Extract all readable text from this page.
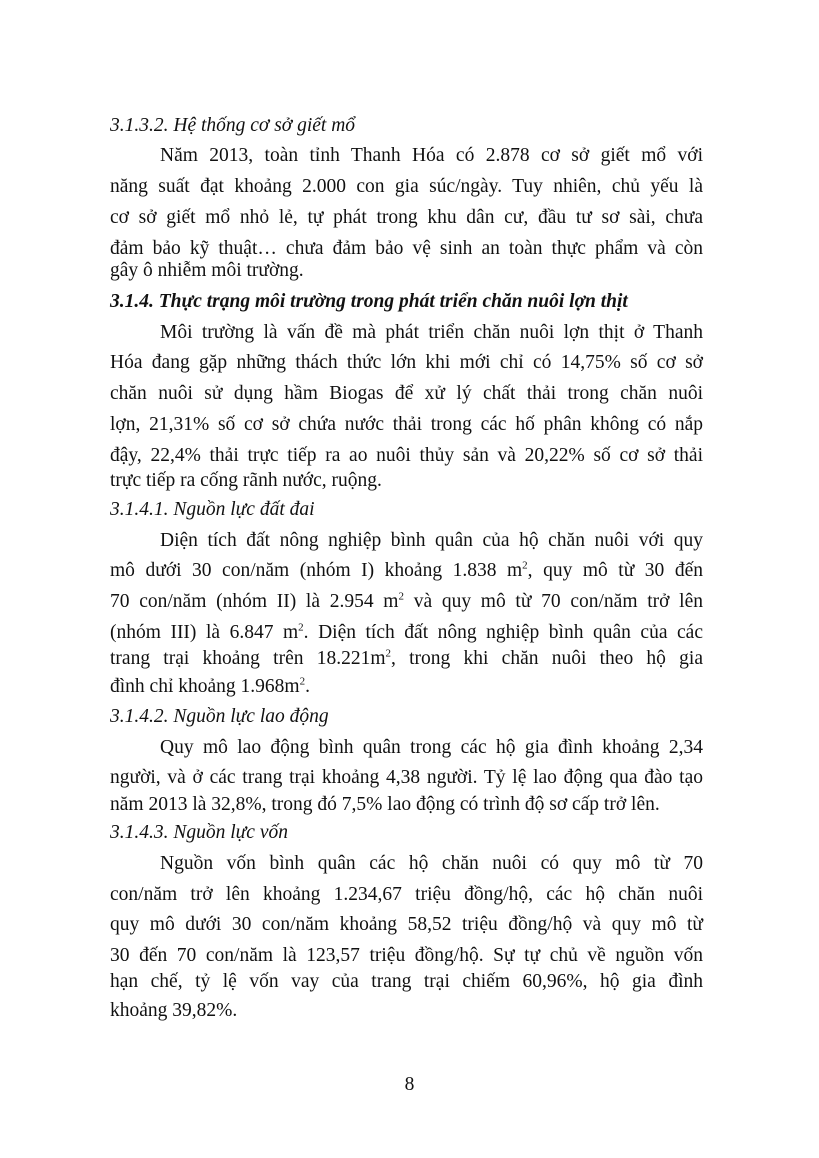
3.1.3.2. Hệ thống cơ sở giết mổ
Năm 2013, toàn tỉnh Thanh Hóa có 2.878 cơ sở giết mổ với
năng suất đạt khoảng 2.000 con gia súc/ngày. Tuy nhiên, chủ yếu là
cơ sở giết mổ nhỏ lẻ, tự phát trong khu dân cư, đầu tư sơ sài, chưa
đảm bảo kỹ thuật… chưa đảm bảo vệ sinh an toàn thực phẩm và còn
gây ô nhiễm môi trường.
3.1.4. Thực trạng môi trường trong phát triển chăn nuôi lợn thịt
Môi trường là vấn đề mà phát triển chăn nuôi lợn thịt ở Thanh
Hóa đang gặp những thách thức lớn khi mới chỉ có 14,75% số cơ sở
chăn nuôi sử dụng hầm Biogas để xử lý chất thải trong chăn nuôi
lợn, 21,31% số cơ sở chứa nước thải trong các hố phân không có nắp
đậy, 22,4% thải trực tiếp ra ao nuôi thủy sản và 20,22% số cơ sở thải
trực tiếp ra cống rãnh nước, ruộng.
3.1.4.1. Nguồn lực đất đai
Diện tích đất nông nghiệp bình quân của hộ chăn nuôi với quy
mô dưới 30 con/năm (nhóm I) khoảng 1.838 $m^2$, quy mô từ 30 đến
70 con/năm (nhóm II) là 2.954 $m^2$ và quy mô từ 70 con/năm trở lên
(nhóm III) là 6.847 $m^2$. Diện tích đất nông nghiệp bình quân của các
trang trại khoảng trên $18.221m^2$, trong khi chăn nuôi theo hộ gia
đình chỉ khoảng $1.968m^2$.
3.1.4.2. Nguồn lực lao động
Quy mô lao động bình quân trong các hộ gia đình khoảng 2,34
người, và ở các trang trại khoảng 4,38 người. Tỷ lệ lao động qua đào tạo
năm 2013 là 32,8%, trong đó 7,5% lao động có trình độ sơ cấp trở lên.
3.1.4.3. Nguồn lực vốn
Nguồn vốn bình quân các hộ chăn nuôi có quy mô từ 70
con/năm trở lên khoảng 1.234,67 triệu đồng/hộ, các hộ chăn nuôi
quy mô dưới 30 con/năm khoảng 58,52 triệu đồng/hộ và quy mô từ
30 đến 70 con/năm là 123,57 triệu đồng/hộ. Sự tự chủ về nguồn vốn
hạn chế, tỷ lệ vốn vay của trang trại chiếm 60,96%, hộ gia đình
khoảng 39,82%.
8
